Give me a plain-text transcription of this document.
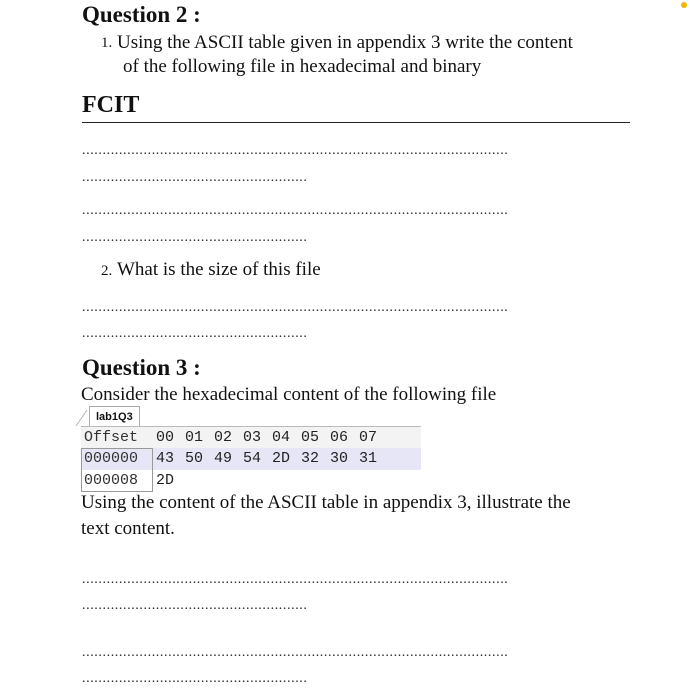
Question 2 :
1. Using the ASCII table given in appendix 3 write the content
of the following file in hexadecimal and binary
FCIT
........................................................................................................
.......................................................
........................................................................................................
.......................................................
2. What is the size of this file
........................................................................................................
.......................................................
Question 3 :
Consider the hexadecimal content of the following file
lab1Q3
Offset	00 01 02 03 04 05 06 07
000000	43 50 49 54 2D 32 30 31
000008	2D
Using the content of the ASCII table in appendix 3, illustrate the
text content.
........................................................................................................
.......................................................
........................................................................................................
.......................................................
